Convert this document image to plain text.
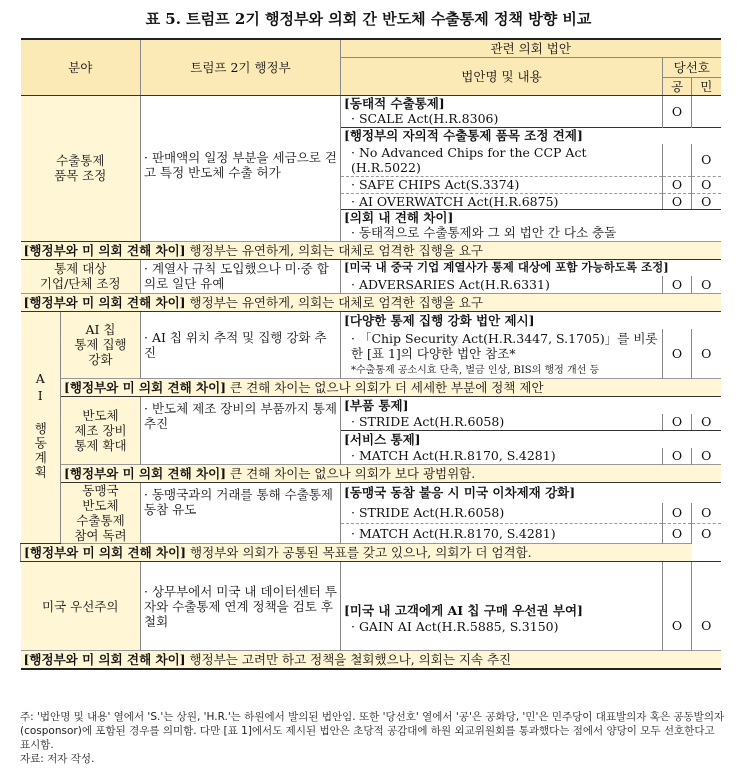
표 5. 트럼프 2기 행정부와 의회 간 반도체 수출통제 정책 방향 비교
분야		트럼프 2기 행정부	관련 의회 법안		
			법안명 및 내용	당선호	
				공	민
수출통제
품목 조정		· 판매액의 일정 부분을 세금으로 걷고 특정 반도체 수출 허가	[동태적 수출통제]	O	
			· SCALE Act(H.R.8306)		
			[행정부의 자의적 수출통제 품목 조정 견제]		
			· No Advanced Chips for the CCP Act (H.R.5022)		O
			· SAFE CHIPS Act(S.3374)	O	O
			· AI OVERWATCH Act(H.R.6875)	O	O
			[의회 내 견해 차이]		
			· 동태적으로 수출통제와 그 외 법안 간 다소 충돌		
[행정부와 미 의회 견해 차이] 행정부는 유연하게, 의회는 대체로 엄격한 집행을 요구					
통제 대상
기업/단체 조정		· 계열사 규칙 도입했으나 미·중 합의로 일단 유예	[미국 내 중국 기업 계열사가 통제 대상에 포함 가능하도록 조정]		
			· ADVERSARIES Act(H.R.6331)	O	O
[행정부와 미 의회 견해 차이] 행정부는 유연하게, 의회는 대체로 엄격한 집행을 요구					
AI 행동계획	AI 칩
통제 집행
강화	· AI 칩 위치 추적 및 집행 강화 추진	[다양한 통제 집행 강화 법안 제시]		
			· 「Chip Security Act(H.R.3447, S.1705)」를 비롯한 [표 1]의 다양한 법안 참조*	O	O
			*수출통제 공소시효 단축, 벌금 인상, BIS의 행정 개선 등		
	[행정부와 미 의회 견해 차이] 큰 견해 차이는 없으나 의회가 더 세세한 부분에 정책 제안				
	반도체
제조 장비
통제 확대	· 반도체 제조 장비의 부품까지 통제 추진	[부품 통제]		
			· STRIDE Act(H.R.6058)	O	O
			[서비스 통제]		
			· MATCH Act(H.R.8170, S.4281)	O	O
	[행정부와 미 의회 견해 차이] 큰 견해 차이는 없으나 의회가 보다 광범위함.				
	동맹국
반도체
수출통제
참여 독려	· 동맹국과의 거래를 통해 수출통제 동참 유도	[동맹국 동참 불응 시 미국 이차제재 강화]		
			· STRIDE Act(H.R.6058)	O	O
			· MATCH Act(H.R.8170, S.4281)	O	O
[행정부와 미 의회 견해 차이] 행정부와 의회가 공통된 목표를 갖고 있으나, 의회가 더 엄격함.					
미국 우선주의		· 상무부에서 미국 내 데이터센터 투자와 수출통제 연계 정책을 검토 후 철회			
			[미국 내 고객에게 AI 칩 구매 우선권 부여]	O	O
			· GAIN AI Act(H.R.5885, S.3150)		
[행정부와 미 의회 견해 차이] 행정부는 고려만 하고 정책을 철회했으나, 의회는 지속 추진					
주: '법안명 및 내용' 열에서 'S.'는 상원, 'H.R.'는 하원에서 발의된 법안임. 또한 '당선호' 열에서 '공'은 공화당, '민'은 민주당이 대표발의자 혹은 공동발의자(cosponsor)에 포함된 경우를 의미함. 다만 [표 1]에서도 제시된 법안은 초당적 공감대에 하원 외교위원회를 통과했다는 점에서 양당이 모두 선호한다고 표시함.
자료: 저자 작성.
